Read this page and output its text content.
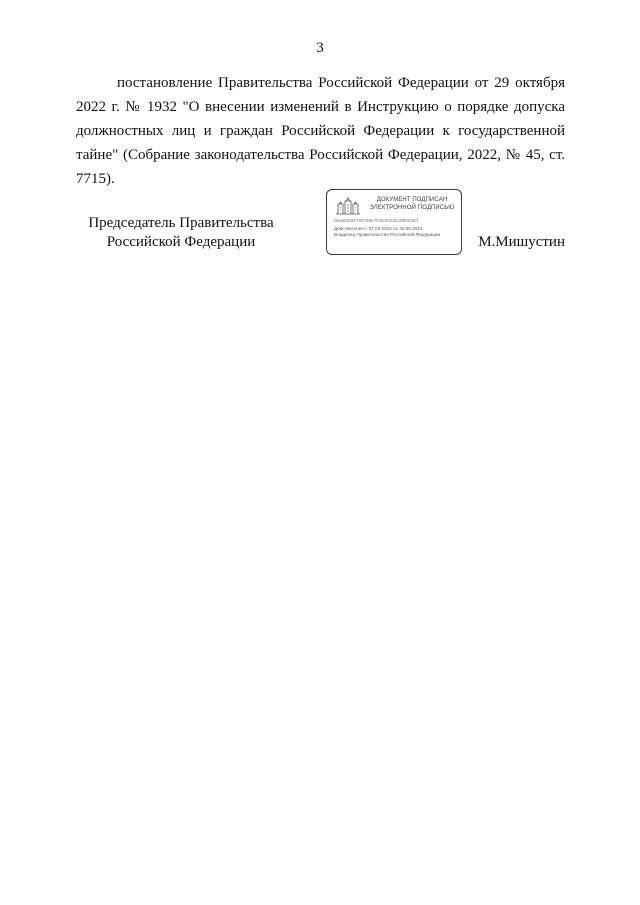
3

постановление Правительства Российской Федерации от 29 октября 2022 г. № 1932 "О внесении изменений в Инструкцию о порядке допуска должностных лиц и граждан Российской Федерации к государственной тайне" (Собрание законодательства Российской Федерации, 2022, № 45, ст. 7715).

Председатель Правительства
Российской Федерации
ДОКУМЕНТ ПОДПИСАН
ЭЛЕКТРОННОЙ ПОДПИСЬЮ
00a5f6092746759e7f29c8252b1f8b303ef
Действителен с 07.03.2023 по 30.05.2024
Владелец Правительство Российской Федерации	М.Мишустин
